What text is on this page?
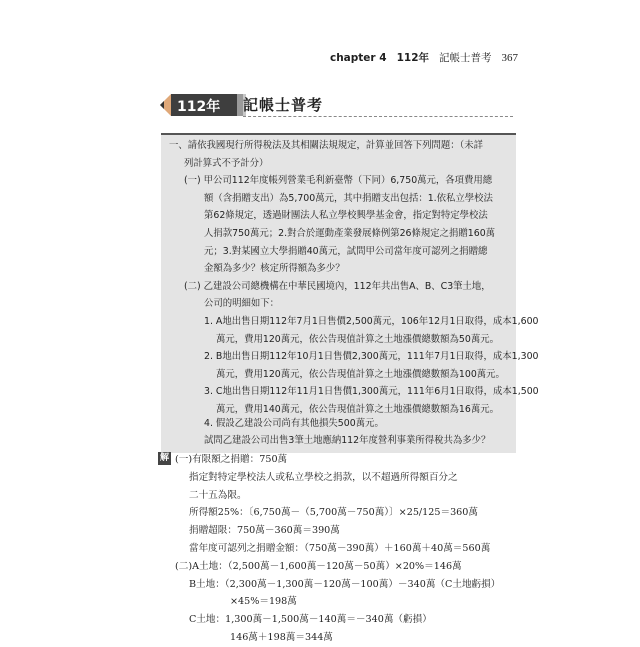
chapter 4 112年 記帳士普考 367
112年 記帳士普考
一、請依我國現行所得稅法及其相關法規規定，計算並回答下列問題：（未詳
列計算式不予計分）
(一) 甲公司112年度帳列營業毛利新臺幣（下同）6,750萬元，各項費用總
額（含捐贈支出）為5,700萬元，其中捐贈支出包括：1.依私立學校法
第62條規定，透過財團法人私立學校興學基金會，指定對特定學校法
人捐款750萬元；2.對合於運動產業發展條例第26條規定之捐贈160萬
元；3.對某國立大學捐贈40萬元，試問甲公司當年度可認列之捐贈總
金額為多少？核定所得額為多少？
(二) 乙建設公司總機構在中華民國境內，112年共出售A、B、C3筆土地，
公司的明細如下：
1. A地出售日期112年7月1日售價2,500萬元，106年12月1日取得，成本1,600
萬元，費用120萬元，依公告現值計算之土地漲價總數額為50萬元。
2. B地出售日期112年10月1日售價2,300萬元，111年7月1日取得，成本1,300
萬元，費用120萬元，依公告現值計算之土地漲價總數額為100萬元。
3. C地出售日期112年11月1日售價1,300萬元，111年6月1日取得，成本1,500
萬元，費用140萬元，依公告現值計算之土地漲價總數額為16萬元。
試問乙建設公司出售3筆土地應納112年度營利事業所得稅共為多少？
解 (一)有限額之捐贈：750萬
指定對特定學校法人或私立學校之捐款，以不超過所得額百分之
二十五為限。
所得額25%：〔6,750萬－（5,700萬－750萬）〕×25/125＝360萬
捐贈超限：750萬－360萬＝390萬
當年度可認列之捐贈金額：（750萬－390萬）＋160萬＋40萬＝560萬
(二)A土地：（2,500萬－1,600萬－120萬－50萬）×20%＝146萬
B土地：（2,300萬－1,300萬－120萬－100萬）－340萬（C土地虧損）
×45%＝198萬
C土地：1,300萬－1,500萬－140萬＝－340萬（虧損）
146萬＋198萬＝344萬
